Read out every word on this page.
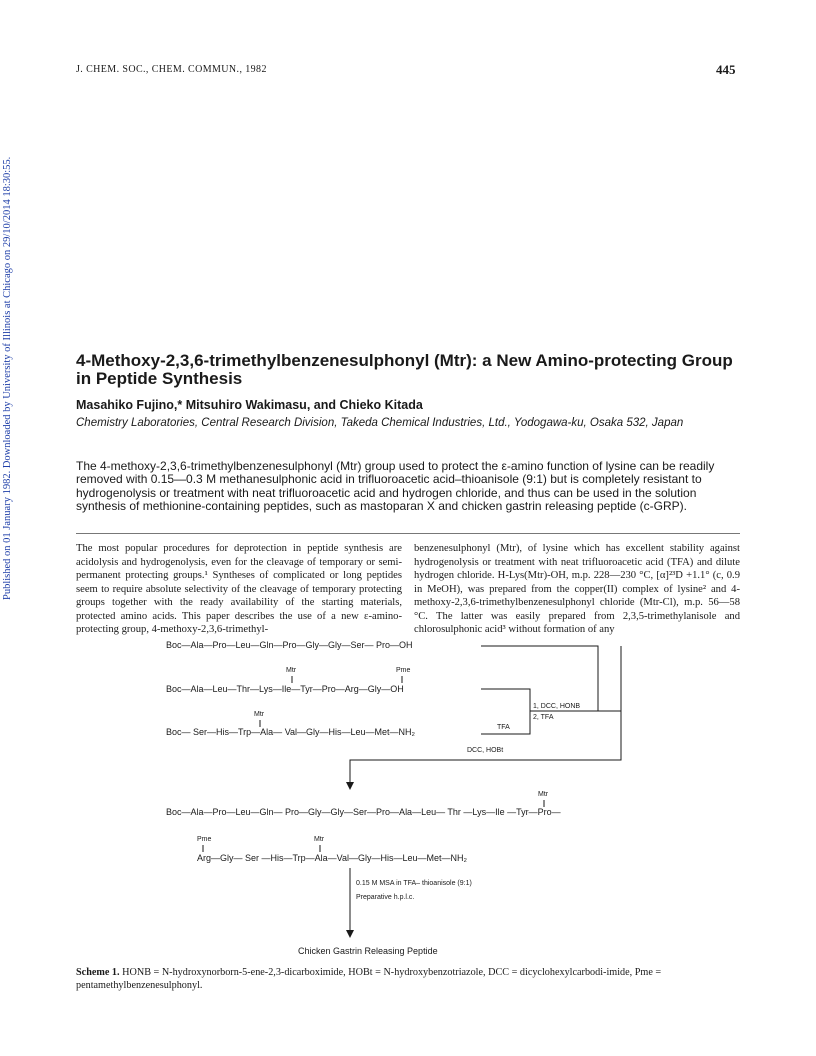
J. CHEM. SOC., CHEM. COMMUN., 1982	445
Published on 01 January 1982. Downloaded by University of Illinois at Chicago on 29/10/2014 18:30:55.	4-Methoxy-2,3,6-trimethylbenzenesulphonyl (Mtr): a New Amino-protecting Group in Peptide Synthesis
Masahiko Fujino,* Mitsuhiro Wakimasu, and Chieko Kitada
Chemistry Laboratories, Central Research Division, Takeda Chemical Industries, Ltd., Yodogawa-ku, Osaka 532, Japan
The 4-methoxy-2,3,6-trimethylbenzenesulphonyl (Mtr) group used to protect the ε-amino function of lysine can be readily removed with 0.15—0.3 M methanesulphonic acid in trifluoroacetic acid–thioanisole (9:1) but is completely resistant to hydrogenolysis or treatment with neat trifluoroacetic acid and hydrogen chloride, and thus can be used in the solution synthesis of methionine-containing peptides, such as mastoparan X and chicken gastrin releasing peptide (c-GRP).
The most popular procedures for deprotection in peptide synthesis are acidolysis and hydrogenolysis, even for the cleavage of temporary or semi-permanent protecting groups.¹ Syntheses of complicated or long peptides seem to require absolute selectivity of the cleavage of temporary protecting groups together with the ready availability of the starting materials, protected amino acids. This paper describes the use of a new ε-amino-protecting group, 4-methoxy-2,3,6-trimethyl-
benzenesulphonyl (Mtr), of lysine which has excellent stability against hydrogenolysis or treatment with neat trifluoroacetic acid (TFA) and dilute hydrogen chloride. H-Lys(Mtr)-OH, m.p. 228—230 °C, [α]²³D +1.1° (c, 0.9 in MeOH), was prepared from the copper(II) complex of lysine² and 4-methoxy-2,3,6-trimethylbenzenesulphonyl chloride (Mtr-Cl), m.p. 56—58 °C. The latter was easily prepared from 2,3,5-trimethylanisole and chlorosulphonic acid³ without formation of any
Boc—Ala—Pro—Leu—Gln—Pro—Gly—Gly—Ser— Pro—OH
Mtr	Pme
Boc—Ala—Leu—Thr—Lys—Ile—Tyr—Pro—Arg—Gly—OH
1, DCC, HONB
2, TFA
Mtr
Boc— Ser—His—Trp—Ala— Val—Gly—His—Leu—Met—NH₂	TFA
DCC, HOBt
Mtr
Boc—Ala—Pro—Leu—Gln— Pro—Gly—Gly—Ser—Pro—Ala—Leu— Thr —Lys—Ile —Tyr—Pro—
Pme	Mtr
Arg—Gly— Ser —His—Trp—Ala—Val—Gly—His—Leu—Met—NH₂
0.15 M MSA in TFA– thioanisole (9:1)
Preparative h.p.l.c.
Chicken Gastrin Releasing Peptide
Scheme 1. HONB = N-hydroxynorborn-5-ene-2,3-dicarboximide, HOBt = N-hydroxybenzotriazole, DCC = dicyclohexylcarbodi-imide, Pme = pentamethylbenzenesulphonyl.
